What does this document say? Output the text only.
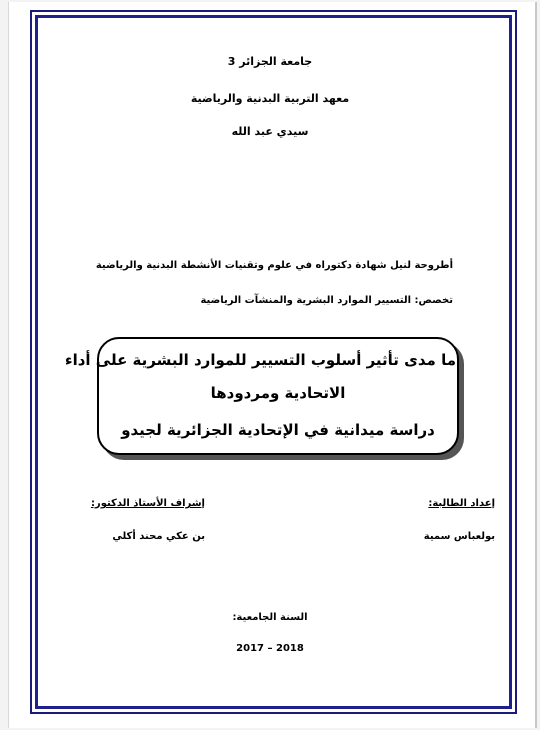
جامعة الجزائر 3
معهد التربية البدنية والرياضية
سيدي عبد الله
أطروحة لنيل شهادة دكتوراه في علوم وتقنيات الأنشطة البدنية والرياضية
تخصص: التسيير الموارد البشرية والمنشآت الرياضية
ما مدى تأثير أسلوب التسيير للموارد البشرية على أداء
الاتحادية ومردودها
دراسة ميدانية في الإتحادية الجزائرية لجيدو
إعداد الطالبة:
إشراف الأستاذ الدكتور:
بولعباس سمية
بن عكي محند أكلي
السنة الجامعية:
2018 – 2017
